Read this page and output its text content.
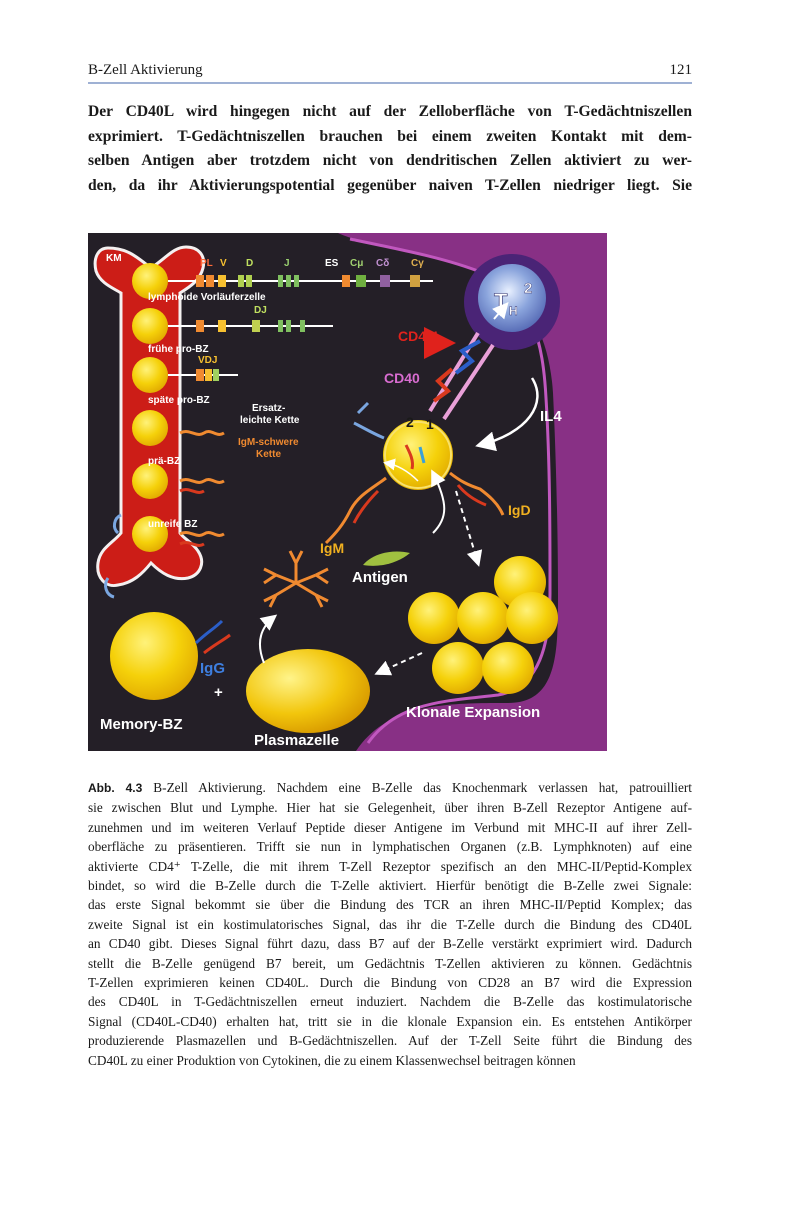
B-Zell Aktivierung	121
Der CD40L wird hingegen nicht auf der Zelloberfläche von T-Gedächtniszellen
exprimiert. T-Gedächtniszellen brauchen bei einem zweiten Kontakt mit dem-
selben Antigen aber trotzdem nicht von dendritischen Zellen aktiviert zu wer-
den, da ihr Aktivierungspotential gegenüber naiven T-Zellen niedriger liegt. Sie
KM	PL V D	J	ES Cμ Cδ Cγ
lymphoide Vorläuferzelle
DJ
frühe pro-BZ
VDJ
späte pro-BZ
Ersatz-
leichte Kette
IgM-schwere
Kette
prä-BZ
unreife BZ
T H
2
CD40L
CD40
2 1	IL4
IgD
IgM
Antigen
Klonale Expansion
Plasmazelle
IgG
+
Memory-BZ
Abb. 4.3 B-Zell Aktivierung. Nachdem eine B-Zelle das Knochenmark verlassen hat, patrouilliert
sie zwischen Blut und Lymphe. Hier hat sie Gelegenheit, über ihren B-Zell Rezeptor Antigene auf-
zunehmen und im weiteren Verlauf Peptide dieser Antigene im Verbund mit MHC-II auf ihrer Zell-
oberfläche zu präsentieren. Trifft sie nun in lymphatischen Organen (z.B. Lymphknoten) auf eine
aktivierte CD4⁺ T-Zelle, die mit ihrem T-Zell Rezeptor spezifisch an den MHC-II/Peptid-Komplex
bindet, so wird die B-Zelle durch die T-Zelle aktiviert. Hierfür benötigt die B-Zelle zwei Signale:
das erste Signal bekommt sie über die Bindung des TCR an ihren MHC-II/Peptid Komplex; das
zweite Signal ist ein kostimulatorisches Signal, das ihr die T-Zelle durch die Bindung des CD40L
an CD40 gibt. Dieses Signal führt dazu, dass B7 auf der B-Zelle verstärkt exprimiert wird. Dadurch
stellt die B-Zelle genügend B7 bereit, um Gedächtnis T-Zellen aktivieren zu können. Gedächtnis
T-Zellen exprimieren keinen CD40L. Durch die Bindung von CD28 an B7 wird die Expression
des CD40L in T-Gedächtniszellen erneut induziert. Nachdem die B-Zelle das kostimulatorische
Signal (CD40L-CD40) erhalten hat, tritt sie in die klonale Expansion ein. Es entstehen Antikörper
produzierende Plasmazellen und B-Gedächtniszellen. Auf der T-Zell Seite führt die Bindung des
CD40L zu einer Produktion von Cytokinen, die zu einem Klassenwechsel beitragen können
